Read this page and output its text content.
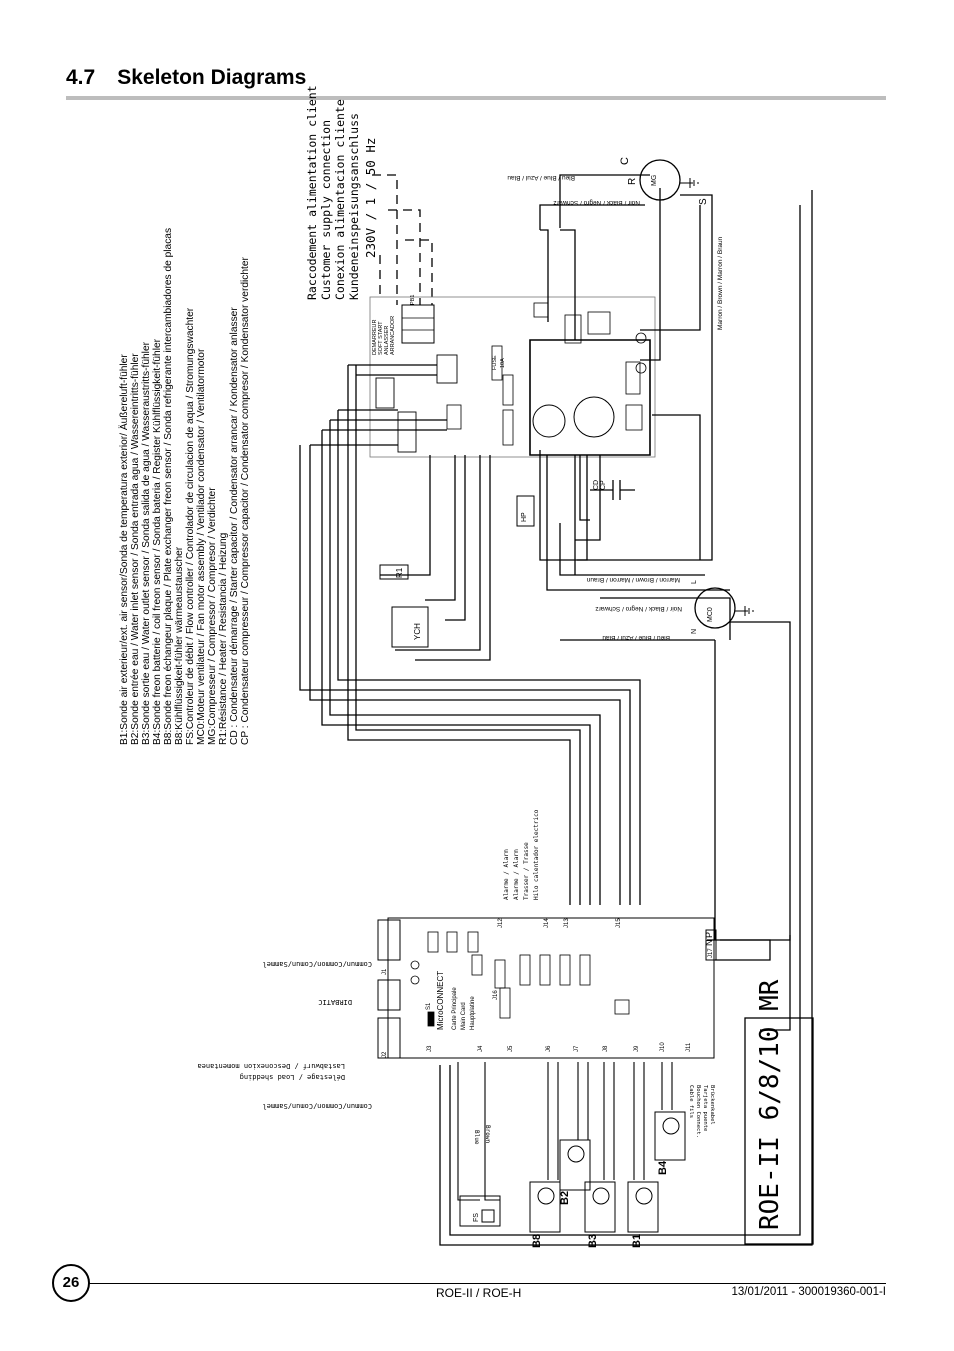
4.7 Skeleton Diagrams
B1:Sonde air exterieur/ext. air sensor/Sonda de temperatura exterior/ Äußereluft-fühler B2:Sonde entrée eau / Water inlet sensor / Sonda entrada agua / Wassereintritts-fühler B3:Sonde sortie eau / Water outlet sensor / Sonda salida de agua / Wasseraustritts-fühler B4:Sonde freon batterie / coil freon sensor / Sonda bateria / Register Kühlflüssigkeit-fühler B8:Sonde freon échangeur plaque / Plate exchanger freon sensor / Sonda refrigerante intercambiadores de placas B8:Kühlflüssigkeit-fühler wärmeaustauscher FS:Controleur de débit / Flow controller / Controlador de circulacion de aqua / Stromungswachter MC0:Moteur ventilateur / Fan motor assembly / Ventilador condensator / Ventilatormotor MG:Compresseur / Compressor / Compresor / Verdichter R1:Résistance / Heater / Resistancia / Heizung CD : Condensateur démarrage / Starter capacitor / Condensator arrancar / Kondensator anlasser CP : Condensateur compresseur / Compressor capacitor / Condensator compresor / Kondensator verdichter
Raccodement alimentation client Customer supply connection Conexion alimentacion cliente Kundeneinspeisungsanschluss 230V / 1 / 50 Hz
FUSE 10A
DEMARREUR SOFT START ANLASSER ARRANCADOR
PB1
CD CP
Bleu / Blue / Azul / Blau
Noir / Black / Negro / Schwarz
Marron / Brown / Marron / Braun
Marron / Brown / Marron / Braun
Noir / Black / Negro / Schwarz
Bleu / Blue / Azul / Blau
MG
C
R
S
MC0
L
N
HP
R1
YCH
MicroCONNECT Carte Principale Main Card Hauptplatine
S1
J1
J2
J3	J4	J5	J6	J7	J8	J9	J10	J11
J12	J13
J14	J15
J16
J17
N
P
Commun/Common/Comun/Sammel
DIRBATIC
Délestage / Load shedding
Lastabwurf / Desconexion momentanea
Commun/Common/Comun/Sammel
Alarme / Alarm Alarme / Alarm Trasser / Trasse Hilo calentador electrico
B8	B3	B1
B2
B4
FS
Blue Brown
Cable fils Bouchon Connect. Tarjeta puente Brückenkabel ROE-II 6/8/10 MR
26
ROE-II / ROE-H	13/01/2011 - 300019360-001-I
